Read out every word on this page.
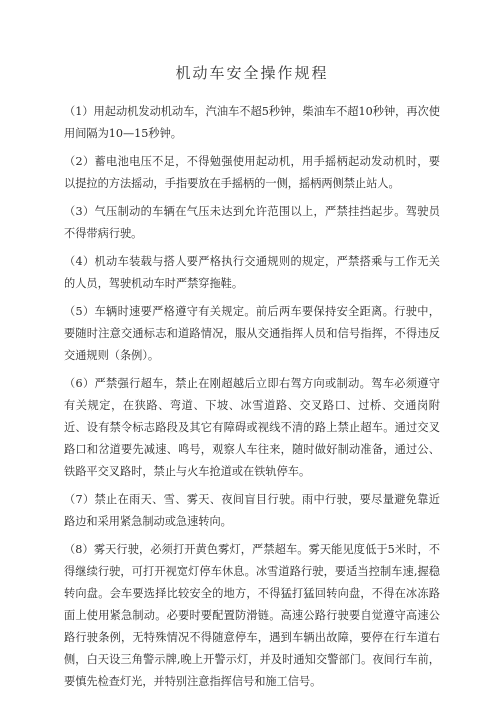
机动车安全操作规程

（1）用起动机发动机动车，汽油车不超5秒钟，柴油车不超10秒钟，再次使用间隔为10—15秒钟。

（2）蓄电池电压不足，不得勉强使用起动机，用手摇柄起动发动机时，要以提拉的方法摇动，手指要放在手摇柄的一侧，摇柄两侧禁止站人。

（3）气压制动的车辆在气压未达到允许范围以上，严禁挂挡起步。驾驶员不得带病行驶。

（4）机动车装载与搭人要严格执行交通规则的规定，严禁搭乘与工作无关的人员，驾驶机动车时严禁穿拖鞋。

（5）车辆时速要严格遵守有关规定。前后两车要保持安全距离。行驶中，要随时注意交通标志和道路情况，服从交通指挥人员和信号指挥，不得违反交通规则（条例）。

（6）严禁强行超车，禁止在刚超越后立即右驾方向或制动。驾车必须遵守有关规定，在狭路、弯道、下坡、冰雪道路、交叉路口、过桥、交通岗附近、设有禁令标志路段及其它有障碍或视线不清的路上禁止超车。通过交叉路口和岔道要先减速、鸣号，观察人车往来，随时做好制动准备，通过公、铁路平交叉路时，禁止与火车抢道或在铁轨停车。

（7）禁止在雨天、雪、雾天、夜间盲目行驶。雨中行驶，要尽量避免靠近路边和采用紧急制动或急速转向。

（8）雾天行驶，必须打开黄色雾灯，严禁超车。雾天能见度低于5米时，不得继续行驶，可打开视宽灯停车休息。冰雪道路行驶，要适当控制车速,握稳转向盘。会车要选择比较安全的地方，不得猛打猛回转向盘，不得在冰冻路面上使用紧急制动。必要时要配置防滑链。高速公路行驶要自觉遵守高速公路行驶条例，无特殊情况不得随意停车，遇到车辆出故障，要停在行车道右侧，白天设三角警示牌,晚上开警示灯，并及时通知交警部门。夜间行车前，要慎先检查灯光，并特别注意指挥信号和施工信号。
